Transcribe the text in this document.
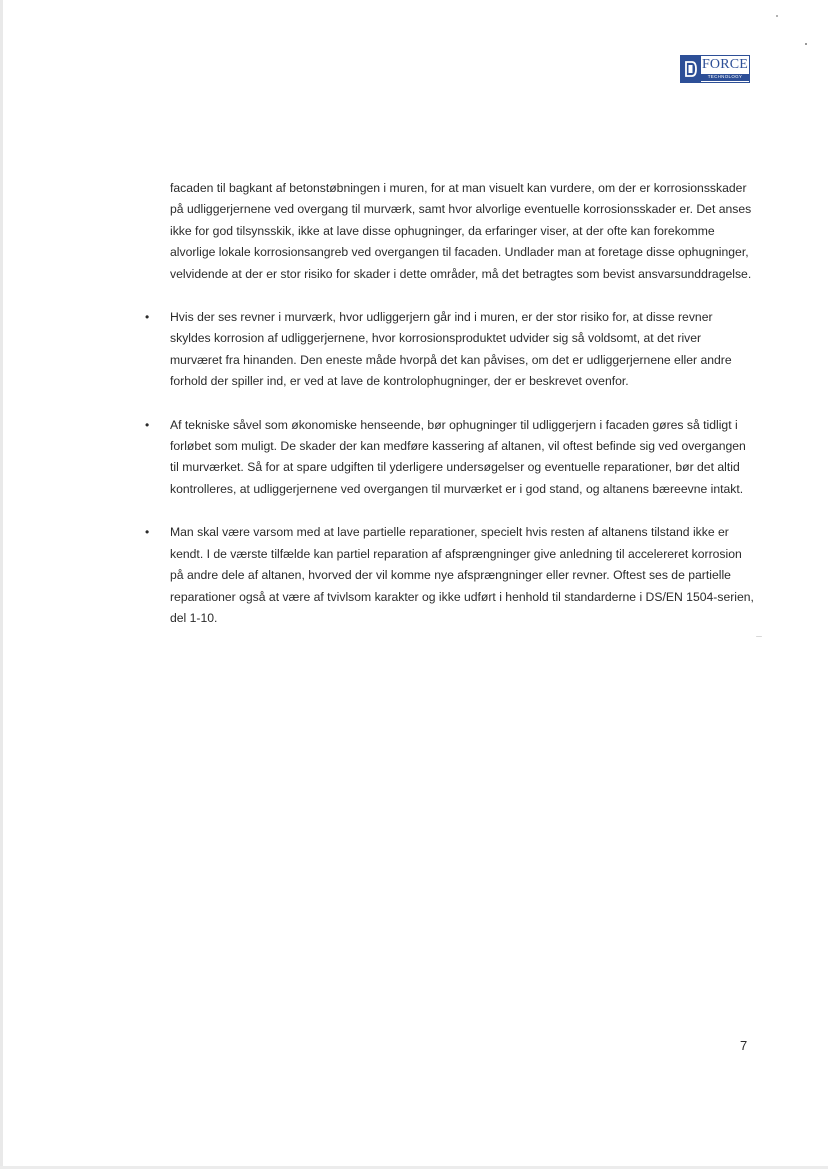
FORCE
TECHNOLOGY

facaden til bagkant af betonstøbningen i muren, for at man visuelt kan vurdere, om der er korrosionsskader på udliggerjernene ved overgang til murværk, samt hvor alvorlige eventuelle korrosionsskader er. Det anses ikke for god tilsynsskik, ikke at lave disse ophugninger, da erfaringer viser, at der ofte kan forekomme alvorlige lokale korrosionsangreb ved overgangen til facaden. Undlader man at foretage disse ophugninger, velvidende at der er stor risiko for skader i dette områder, må det betragtes som bevist ansvarsunddragelse.

• Hvis der ses revner i murværk, hvor udliggerjern går ind i muren, er der stor risiko for, at disse revner skyldes korrosion af udliggerjernene, hvor korrosionsproduktet udvider sig så voldsomt, at det river murværet fra hinanden. Den eneste måde hvorpå det kan påvises, om det er udliggerjernene eller andre forhold der spiller ind, er ved at lave de kontrolophugninger, der er beskrevet ovenfor.

• Af tekniske såvel som økonomiske henseende, bør ophugninger til udliggerjern i facaden gøres så tidligt i forløbet som muligt. De skader der kan medføre kassering af altanen, vil oftest befinde sig ved overgangen til murværket. Så for at spare udgiften til yderligere undersøgelser og eventuelle reparationer, bør det altid kontrolleres, at udliggerjernene ved overgangen til murværket er i god stand, og altanens bæreevne intakt.

• Man skal være varsom med at lave partielle reparationer, specielt hvis resten af altanens tilstand ikke er kendt. I de værste tilfælde kan partiel reparation af afsprængninger give anledning til accelereret korrosion på andre dele af altanen, hvorved der vil komme nye afsprængninger eller revner. Oftest ses de partielle reparationer også at være af tvivlsom karakter og ikke udført i henhold til standarderne i DS/EN 1504-serien, del 1-10.

7
